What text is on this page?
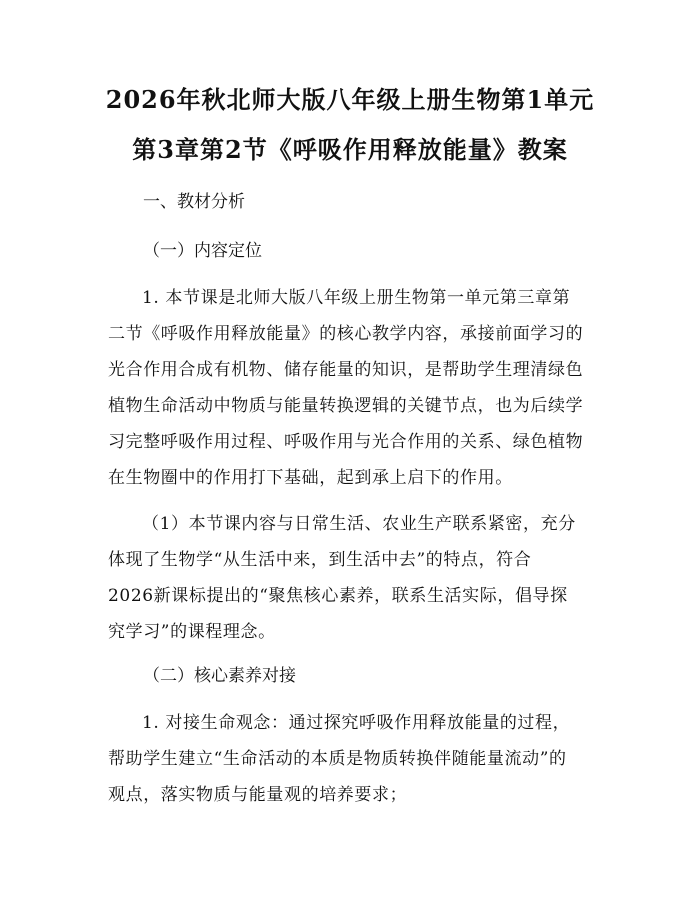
2026年秋北师大版八年级上册生物第1单元
第3章第2节《呼吸作用释放能量》教案
一、教材分析
（一）内容定位
1. 本节课是北师大版八年级上册生物第一单元第三章第
二节《呼吸作用释放能量》的核心教学内容，承接前面学习的
光合作用合成有机物、储存能量的知识，是帮助学生理清绿色
植物生命活动中物质与能量转换逻辑的关键节点，也为后续学
习完整呼吸作用过程、呼吸作用与光合作用的关系、绿色植物
在生物圈中的作用打下基础，起到承上启下的作用。
（1）本节课内容与日常生活、农业生产联系紧密，充分
体现了生物学“从生活中来，到生活中去”的特点，符合
2026新课标提出的“聚焦核心素养，联系生活实际，倡导探
究学习”的课程理念。
（二）核心素养对接
1. 对接生命观念：通过探究呼吸作用释放能量的过程，
帮助学生建立“生命活动的本质是物质转换伴随能量流动”的
观点，落实物质与能量观的培养要求；
